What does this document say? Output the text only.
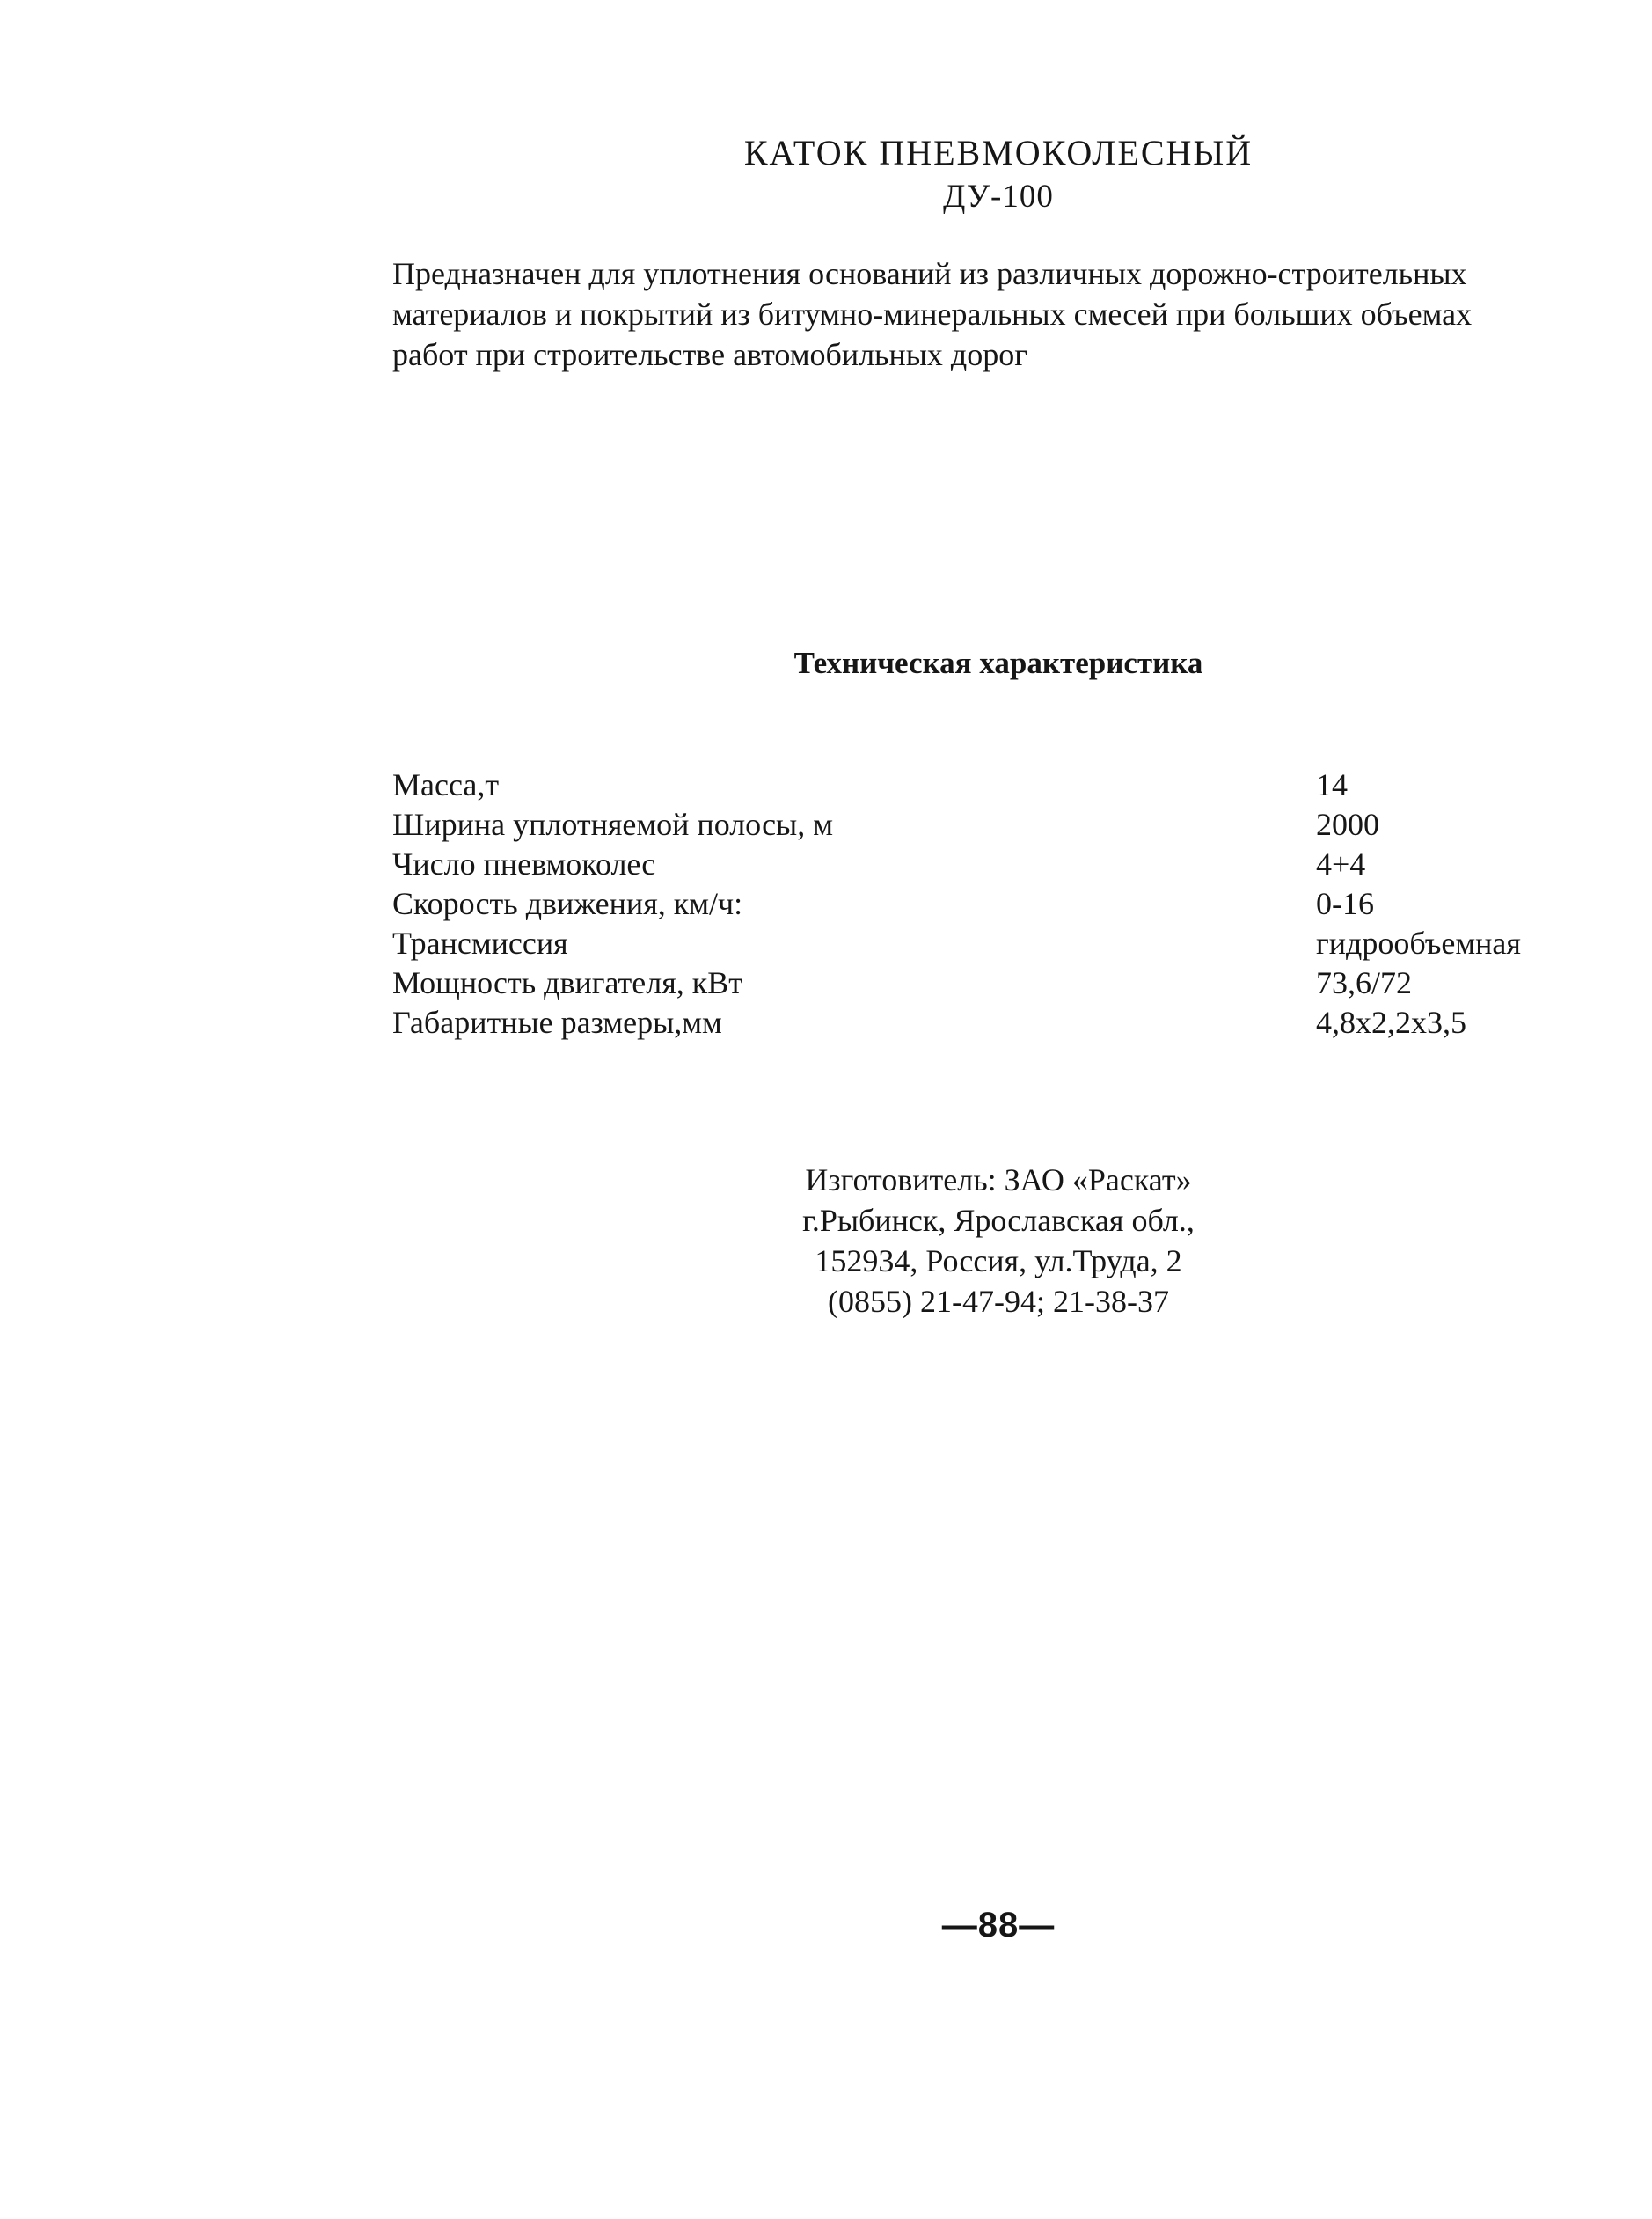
КАТОК ПНЕВМОКОЛЕСНЫЙ
ДУ-100
Предназначен для уплотнения оснований из различных дорожно-строительных
материалов и покрытий из битумно-минеральных смесей при больших объемах
работ при строительстве автомобильных дорог
Техническая характеристика
Масса,т	14
Ширина уплотняемой полосы, м	2000
Число пневмоколес	4+4
Скорость движения, км/ч:	0-16
Трансмиссия	гидрообъемная
Мощность двигателя, кВт	73,6/72
Габаритные размеры,мм	4,8x2,2x3,5
Изготовитель: ЗАО «Раскат»
г.Рыбинск, Ярославская обл.,
152934, Россия, ул.Труда, 2
(0855) 21-47-94; 21-38-37
—88—
